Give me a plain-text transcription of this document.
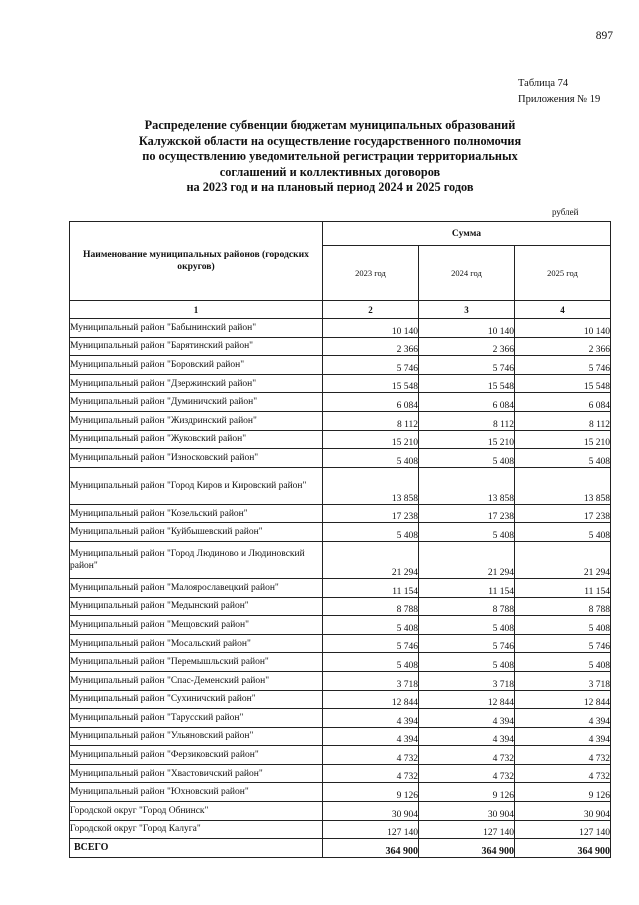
897
Таблица 74
Приложения № 19
Распределение субвенции бюджетам муниципальных образований
Калужской области на осуществление государственного полномочия
по осуществлению уведомительной регистрации территориальных
соглашений и коллективных договоров
на 2023 год и на плановый период 2024 и 2025 годов
рублей
Наименование муниципальных районов (городских округов)	Сумма		
	2023 год	2024 год	2025 год
1	2	3	4
Муниципальный район "Бабынинский район"	10 140	10 140	10 140
Муниципальный район "Барятинский район"	2 366	2 366	2 366
Муниципальный район "Боровский район"	5 746	5 746	5 746
Муниципальный район "Дзержинский район"	15 548	15 548	15 548
Муниципальный район "Думиничский район"	6 084	6 084	6 084
Муниципальный район "Жиздринский район"	8 112	8 112	8 112
Муниципальный район "Жуковский район"	15 210	15 210	15 210
Муниципальный район "Износковский район"	5 408	5 408	5 408
Муниципальный район "Город Киров и Кировский район"	13 858	13 858	13 858
Муниципальный район "Козельский район"	17 238	17 238	17 238
Муниципальный район "Куйбышевский район"	5 408	5 408	5 408
Муниципальный район "Город Людиново и Людиновский район"	21 294	21 294	21 294
Муниципальный район "Малоярославецкий район"	11 154	11 154	11 154
Муниципальный район "Медынский район"	8 788	8 788	8 788
Муниципальный район "Мещовский район"	5 408	5 408	5 408
Муниципальный район "Мосальский район"	5 746	5 746	5 746
Муниципальный район "Перемышльский район"	5 408	5 408	5 408
Муниципальный район "Спас-Деменский район"	3 718	3 718	3 718
Муниципальный район "Сухиничский район"	12 844	12 844	12 844
Муниципальный район "Тарусский район"	4 394	4 394	4 394
Муниципальный район "Ульяновский район"	4 394	4 394	4 394
Муниципальный район "Ферзиковский район"	4 732	4 732	4 732
Муниципальный район "Хвастовичский район"	4 732	4 732	4 732
Муниципальный район "Юхновский район"	9 126	9 126	9 126
Городской округ "Город Обнинск"	30 904	30 904	30 904
Городской округ "Город Калуга"	127 140	127 140	127 140
ВСЕГО	364 900	364 900	364 900
